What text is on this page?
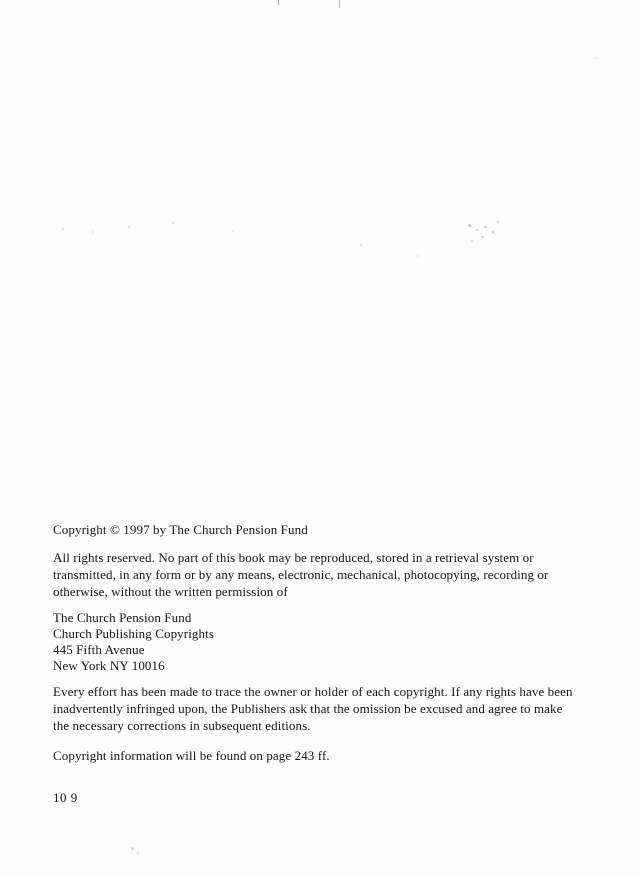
Copyright © 1997 by The Church Pension Fund
All rights reserved. No part of this book may be reproduced, stored in a retrieval system or
transmitted, in any form or by any means, electronic, mechanical, photocopying, recording or
otherwise, without the written permission of
The Church Pension Fund
Church Publishing Copyrights
445 Fifth Avenue
New York NY 10016
Every effort has been made to trace the owner or holder of each copyright. If any rights have been
inadvertently infringed upon, the Publishers ask that the omission be excused and agree to make
the necessary corrections in subsequent editions.
Copyright information will be found on page 243 ff.
10 9
